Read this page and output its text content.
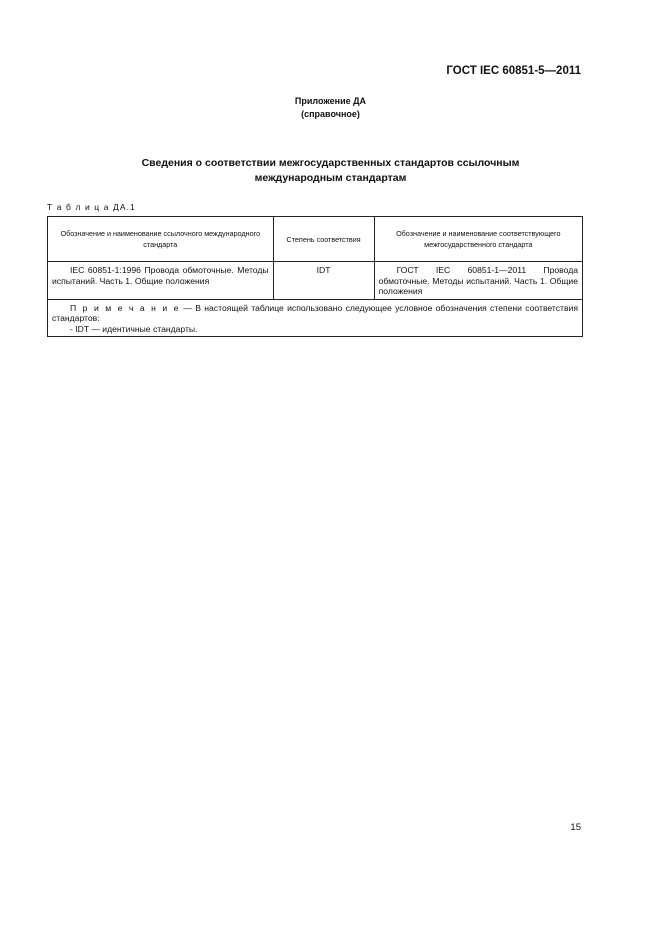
ГОСТ IEC 60851-5—2011
Приложение ДА
(справочное)
Сведения о соответствии межгосударственных стандартов ссылочным
международным стандартам
Т а б л и ц а ДА.1
Обозначение и наименование ссылочного международного стандарта	Степень соответствия	Обозначение и наименование соответствующего межгосударственного стандарта
IEC 60851-1:1996 Провода обмоточные. Методы испытаний. Часть 1. Общие положения	IDT	ГОСТ IEC 60851-1—2011 Провода обмоточные. Методы испытаний. Часть 1. Общие положения

П р и м е ч а н и е — В настоящей таблице использовано следующее условное обозначения степени соответствия стандартов:

- IDT — идентичные стандарты.		

15
